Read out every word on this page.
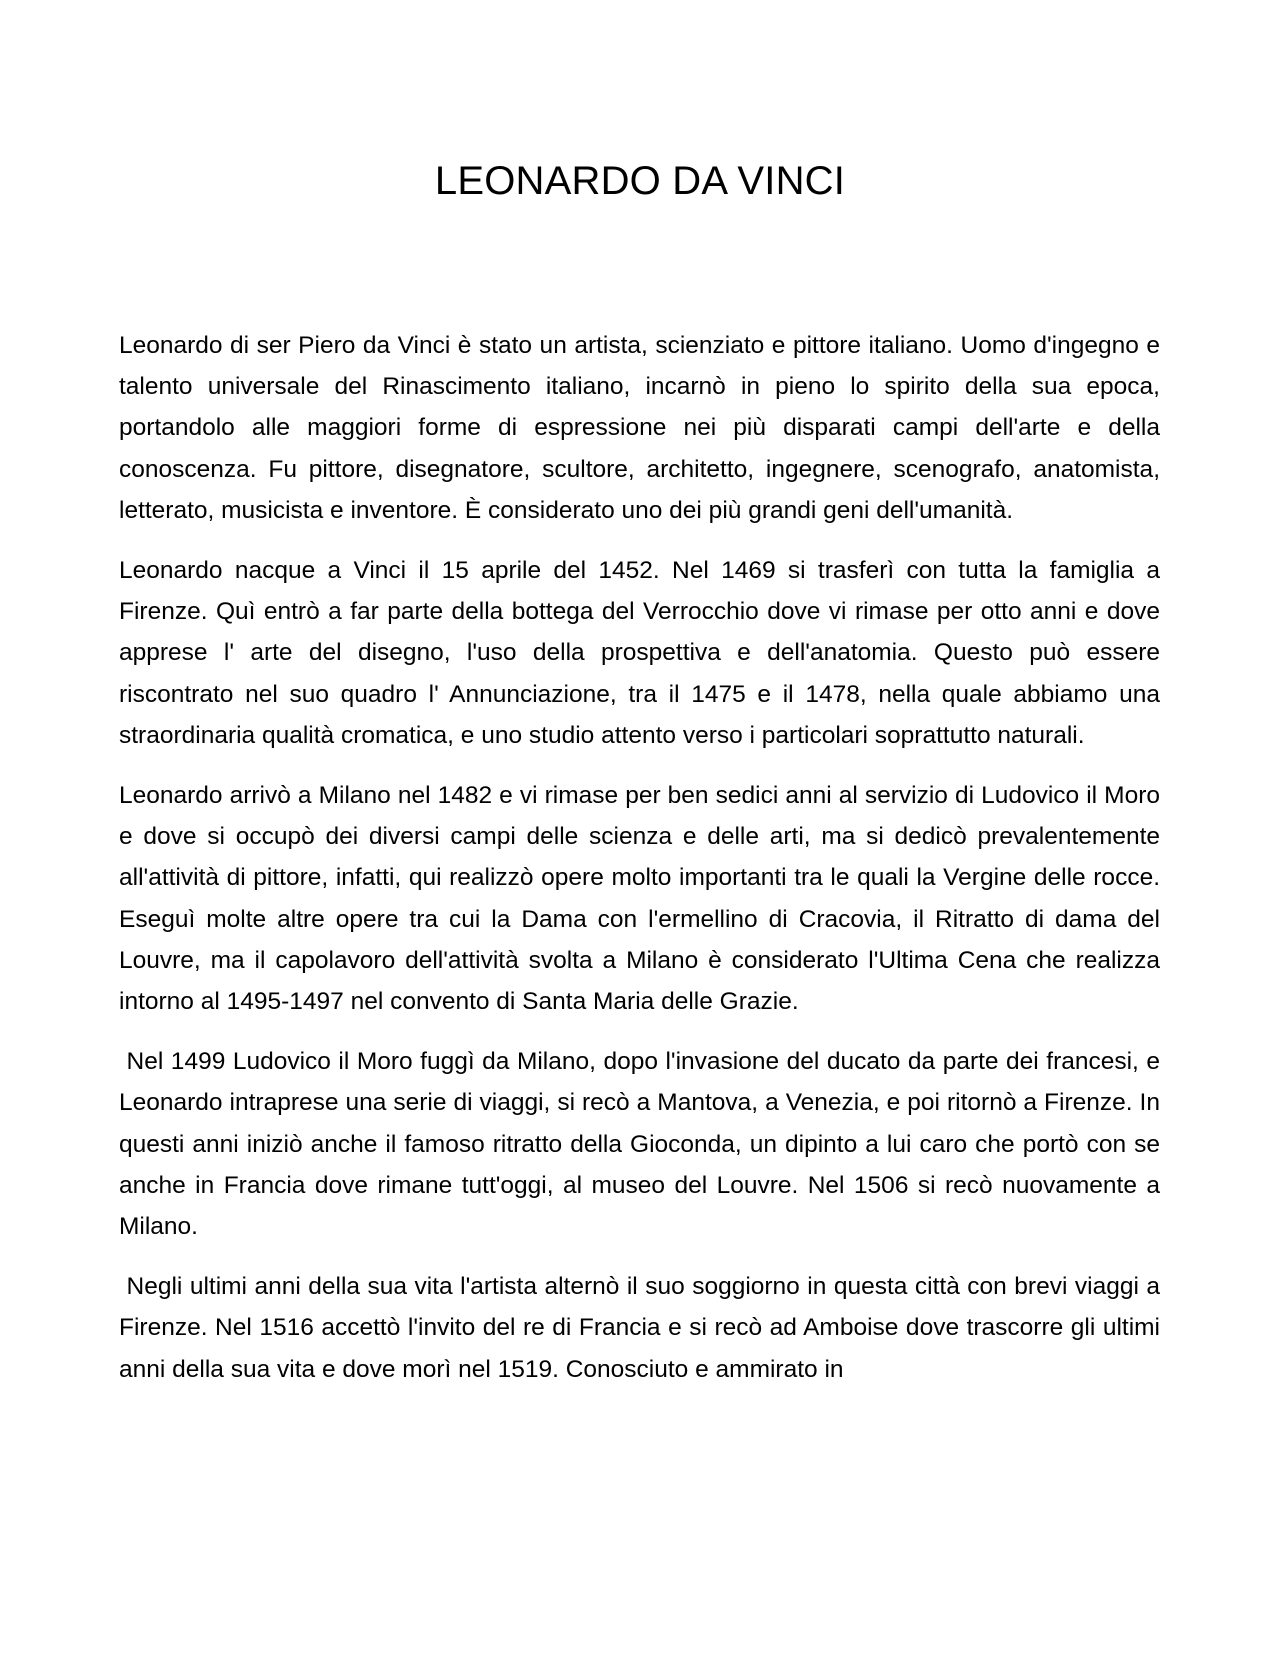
LEONARDO DA VINCI

Leonardo di ser Piero da Vinci è stato un artista, scienziato e pittore italiano. Uomo d'ingegno e talento universale del Rinascimento italiano, incarnò in pieno lo spirito della sua epoca, portandolo alle maggiori forme di espressione nei più disparati campi dell'arte e della conoscenza. Fu pittore, disegnatore, scultore, architetto, ingegnere, scenografo, anatomista, letterato, musicista e inventore. È considerato uno dei più grandi geni dell'umanità.

Leonardo nacque a Vinci il 15 aprile del 1452. Nel 1469 si trasferì con tutta la famiglia a Firenze. Quì entrò a far parte della bottega del Verrocchio dove vi rimase per otto anni e dove apprese l' arte del disegno, l'uso della prospettiva e dell'anatomia. Questo può essere riscontrato nel suo quadro l' Annunciazione, tra il 1475 e il 1478, nella quale abbiamo una straordinaria qualità cromatica, e uno studio attento verso i particolari soprattutto naturali.

Leonardo arrivò a Milano nel 1482 e vi rimase per ben sedici anni al servizio di Ludovico il Moro e dove si occupò dei diversi campi delle scienza e delle arti, ma si dedicò prevalentemente all'attività di pittore, infatti, qui realizzò opere molto importanti tra le quali la Vergine delle rocce. Eseguì molte altre opere tra cui la Dama con l'ermellino di Cracovia, il Ritratto di dama del Louvre, ma il capolavoro dell'attività svolta a Milano è considerato l'Ultima Cena che realizza intorno al 1495-1497 nel convento di Santa Maria delle Grazie.

Nel 1499 Ludovico il Moro fuggì da Milano, dopo l'invasione del ducato da parte dei francesi, e Leonardo intraprese una serie di viaggi, si recò a Mantova, a Venezia, e poi ritornò a Firenze. In questi anni iniziò anche il famoso ritratto della Gioconda, un dipinto a lui caro che portò con se anche in Francia dove rimane tutt'oggi, al museo del Louvre. Nel 1506 si recò nuovamente a Milano.

Negli ultimi anni della sua vita l'artista alternò il suo soggiorno in questa città con brevi viaggi a Firenze. Nel 1516 accettò l'invito del re di Francia e si recò ad Amboise dove trascorre gli ultimi anni della sua vita e dove morì nel 1519. Conosciuto e ammirato in
